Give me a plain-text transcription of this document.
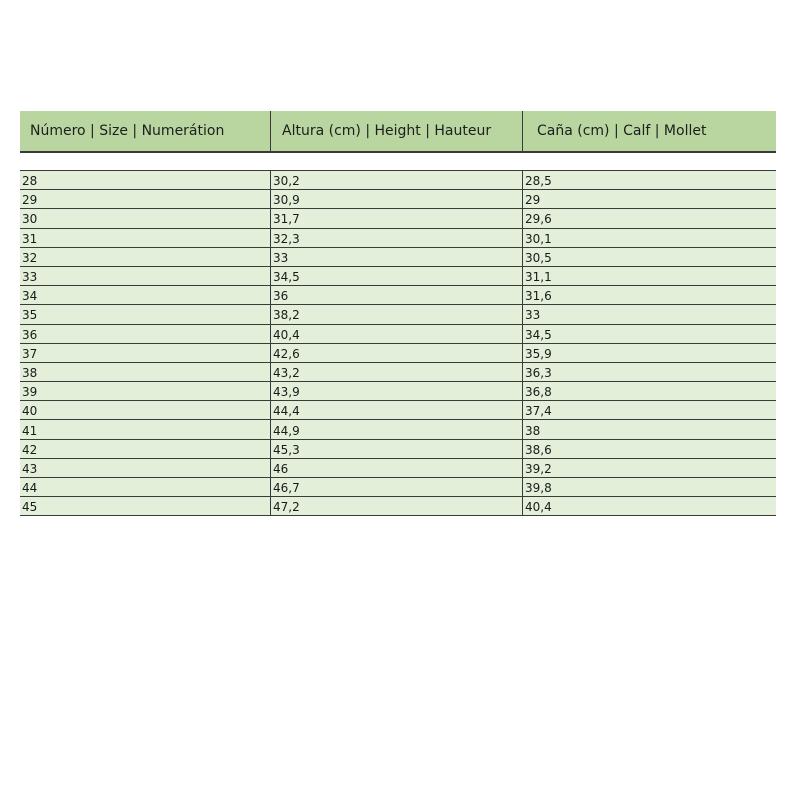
Número | Size | Numerátion	Altura (cm) | Height | Hauteur	Caña (cm) | Calf | Mollet
28	30,2	28,5
29	30,9	29
30	31,7	29,6
31	32,3	30,1
32	33	30,5
33	34,5	31,1
34	36	31,6
35	38,2	33
36	40,4	34,5
37	42,6	35,9
38	43,2	36,3
39	43,9	36,8
40	44,4	37,4
41	44,9	38
42	45,3	38,6
43	46	39,2
44	46,7	39,8
45	47,2	40,4
